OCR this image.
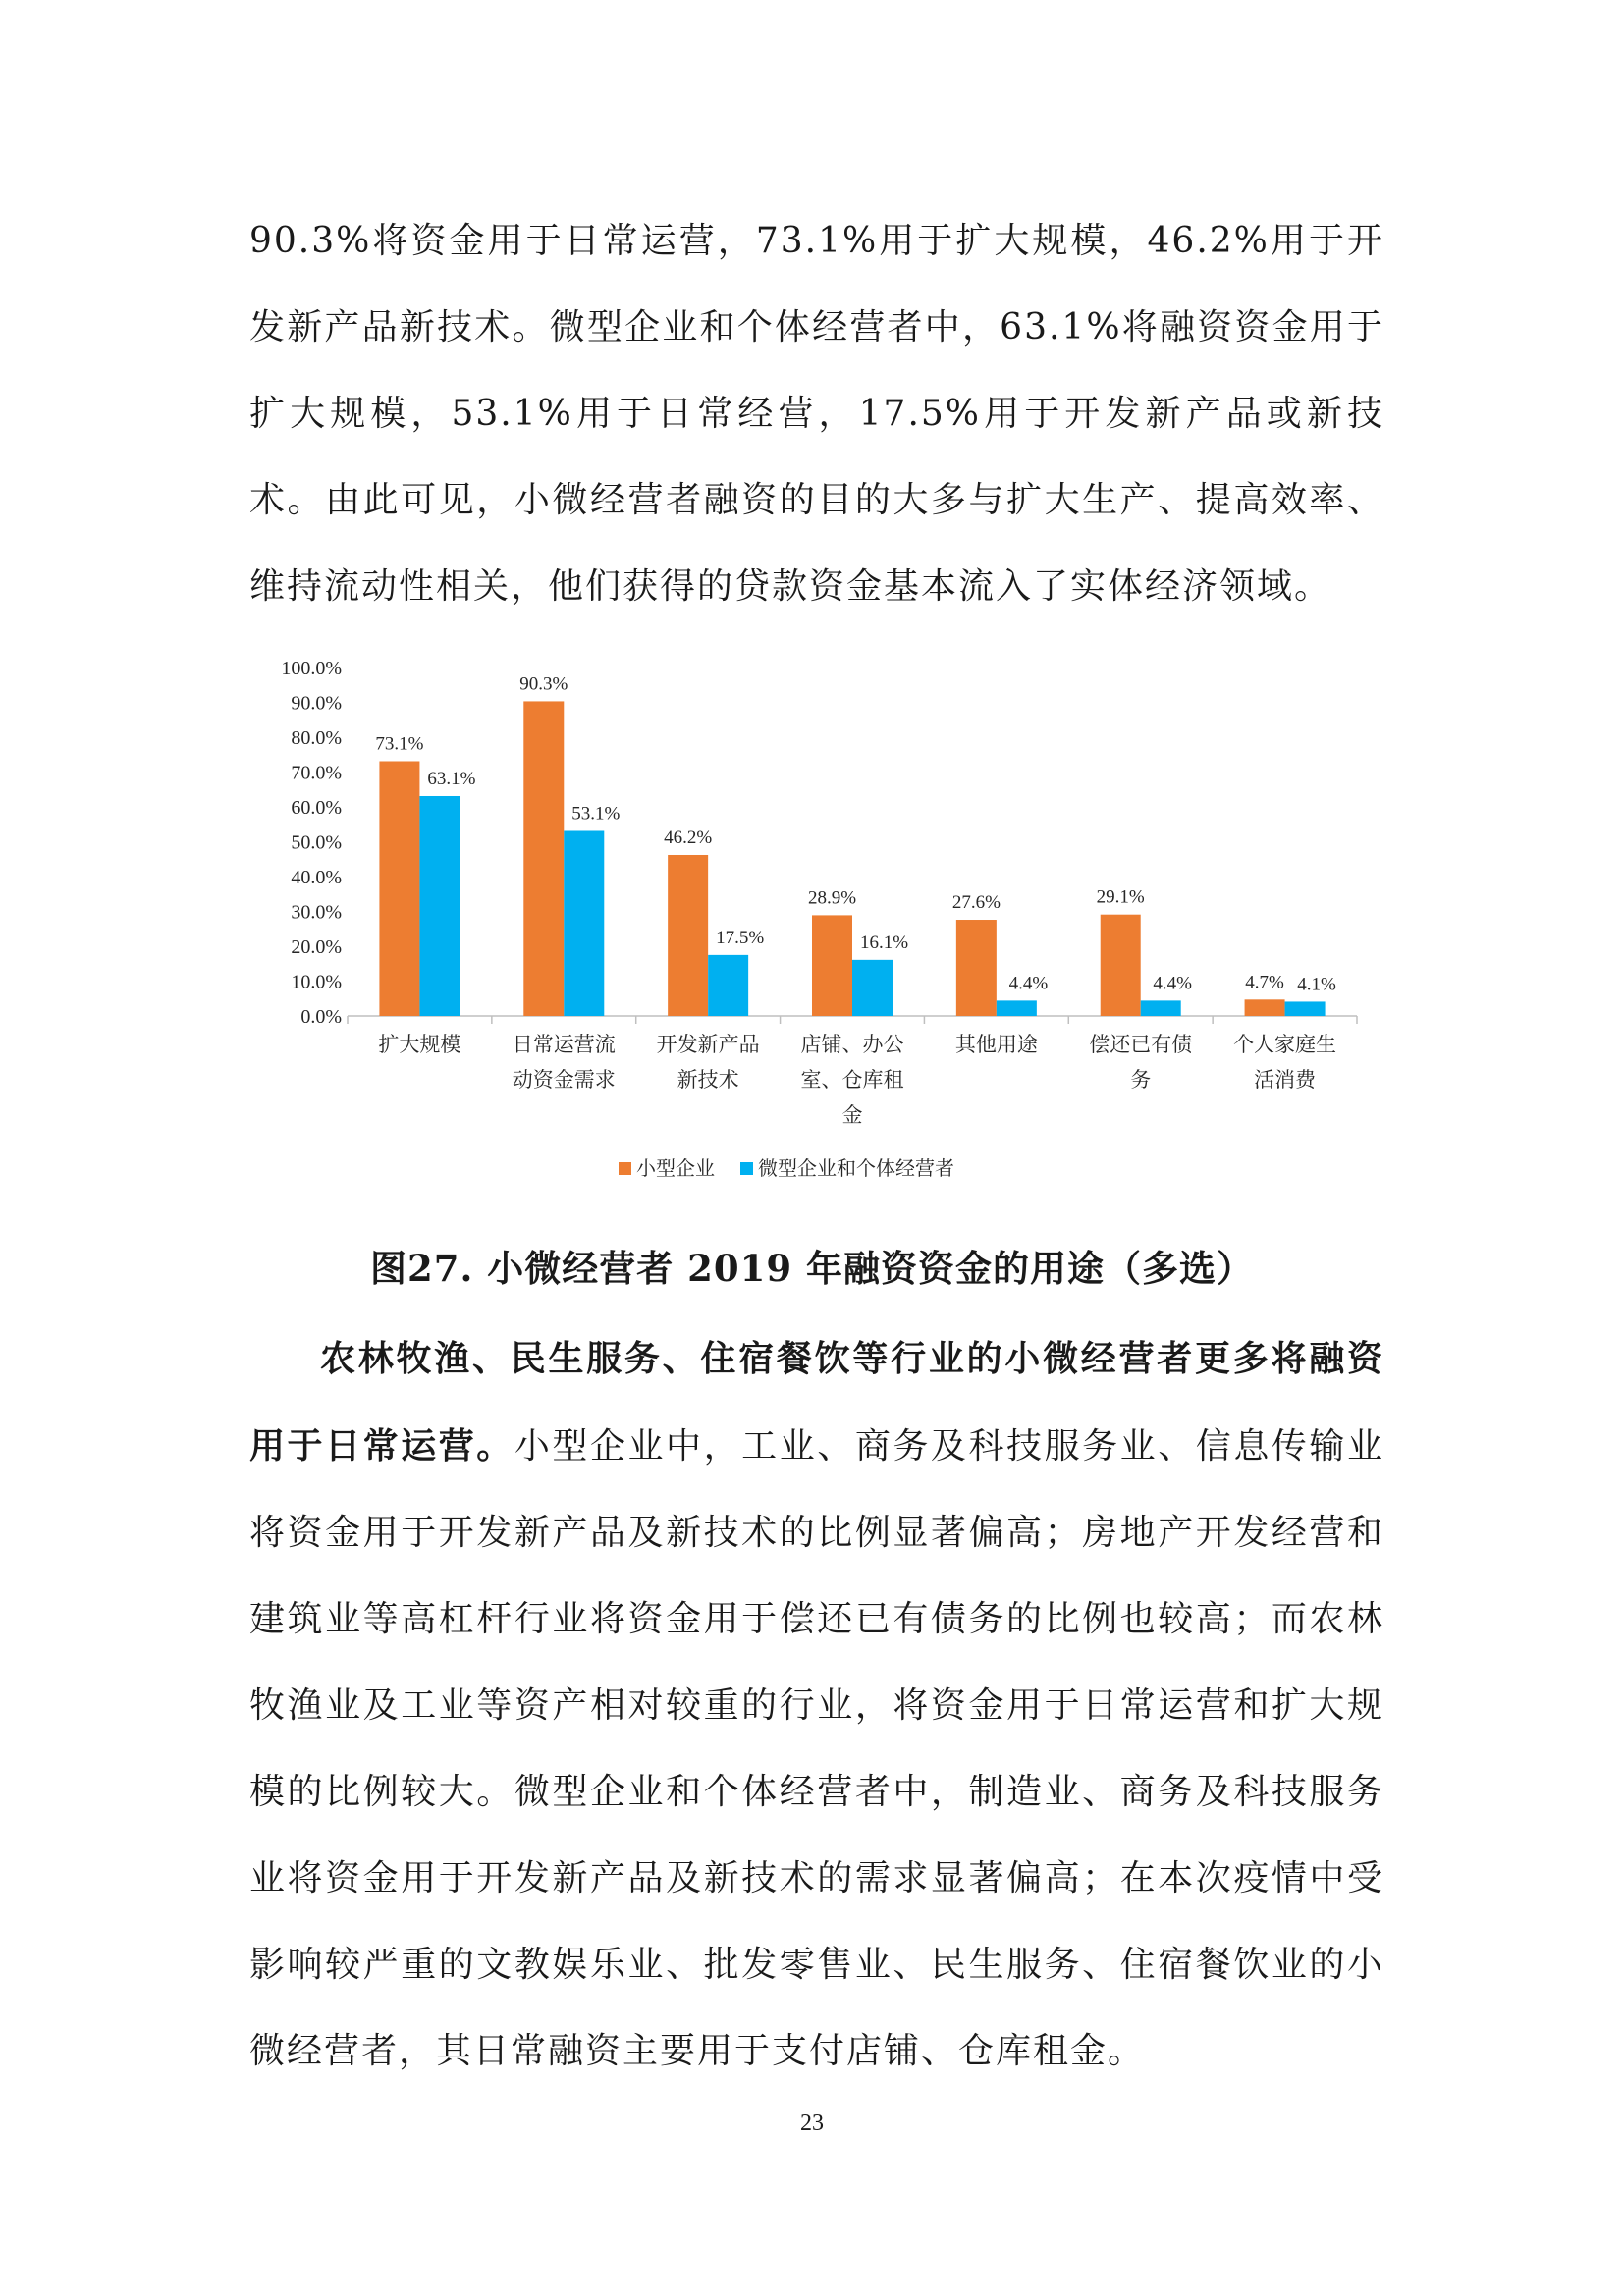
90.3%将资金用于日常运营，73.1%用于扩大规模，46.2%用于开发新产品新技术。微型企业和个体经营者中，63.1%将融资资金用于扩大规模，53.1%用于日常经营，17.5%用于开发新产品或新技术。由此可见，小微经营者融资的目的大多与扩大生产、提高效率、维持流动性相关，他们获得的贷款资金基本流入了实体经济领域。

0.0%
10.0%
20.0%
30.0%
40.0%
50.0%
60.0%
70.0%
80.0%
90.0%
100.0%
73.1%
63.1%
扩大规模
90.3%
53.1%
日常运营流
动资金需求
46.2%
17.5%
开发新产品
新技术
28.9%
16.1%
店铺、办公
室、仓库租
金
27.6%
4.4%
其他用途
29.1%
4.4%
偿还已有债
务
4.7% 4.1%
个人家庭生
活消费
小型企业 微型企业和个体经营者

图27. 小微经营者 2019 年融资资金的用途（多选）

农林牧渔、民生服务、住宿餐饮等行业的小微经营者更多将融资用于日常运营。小型企业中，工业、商务及科技服务业、信息传输业将资金用于开发新产品及新技术的比例显著偏高；房地产开发经营和建筑业等高杠杆行业将资金用于偿还已有债务的比例也较高；而农林牧渔业及工业等资产相对较重的行业，将资金用于日常运营和扩大规模的比例较大。微型企业和个体经营者中，制造业、商务及科技服务业将资金用于开发新产品及新技术的需求显著偏高；在本次疫情中受影响较严重的文教娱乐业、批发零售业、民生服务、住宿餐饮业的小微经营者，其日常融资主要用于支付店铺、仓库租金。

23
